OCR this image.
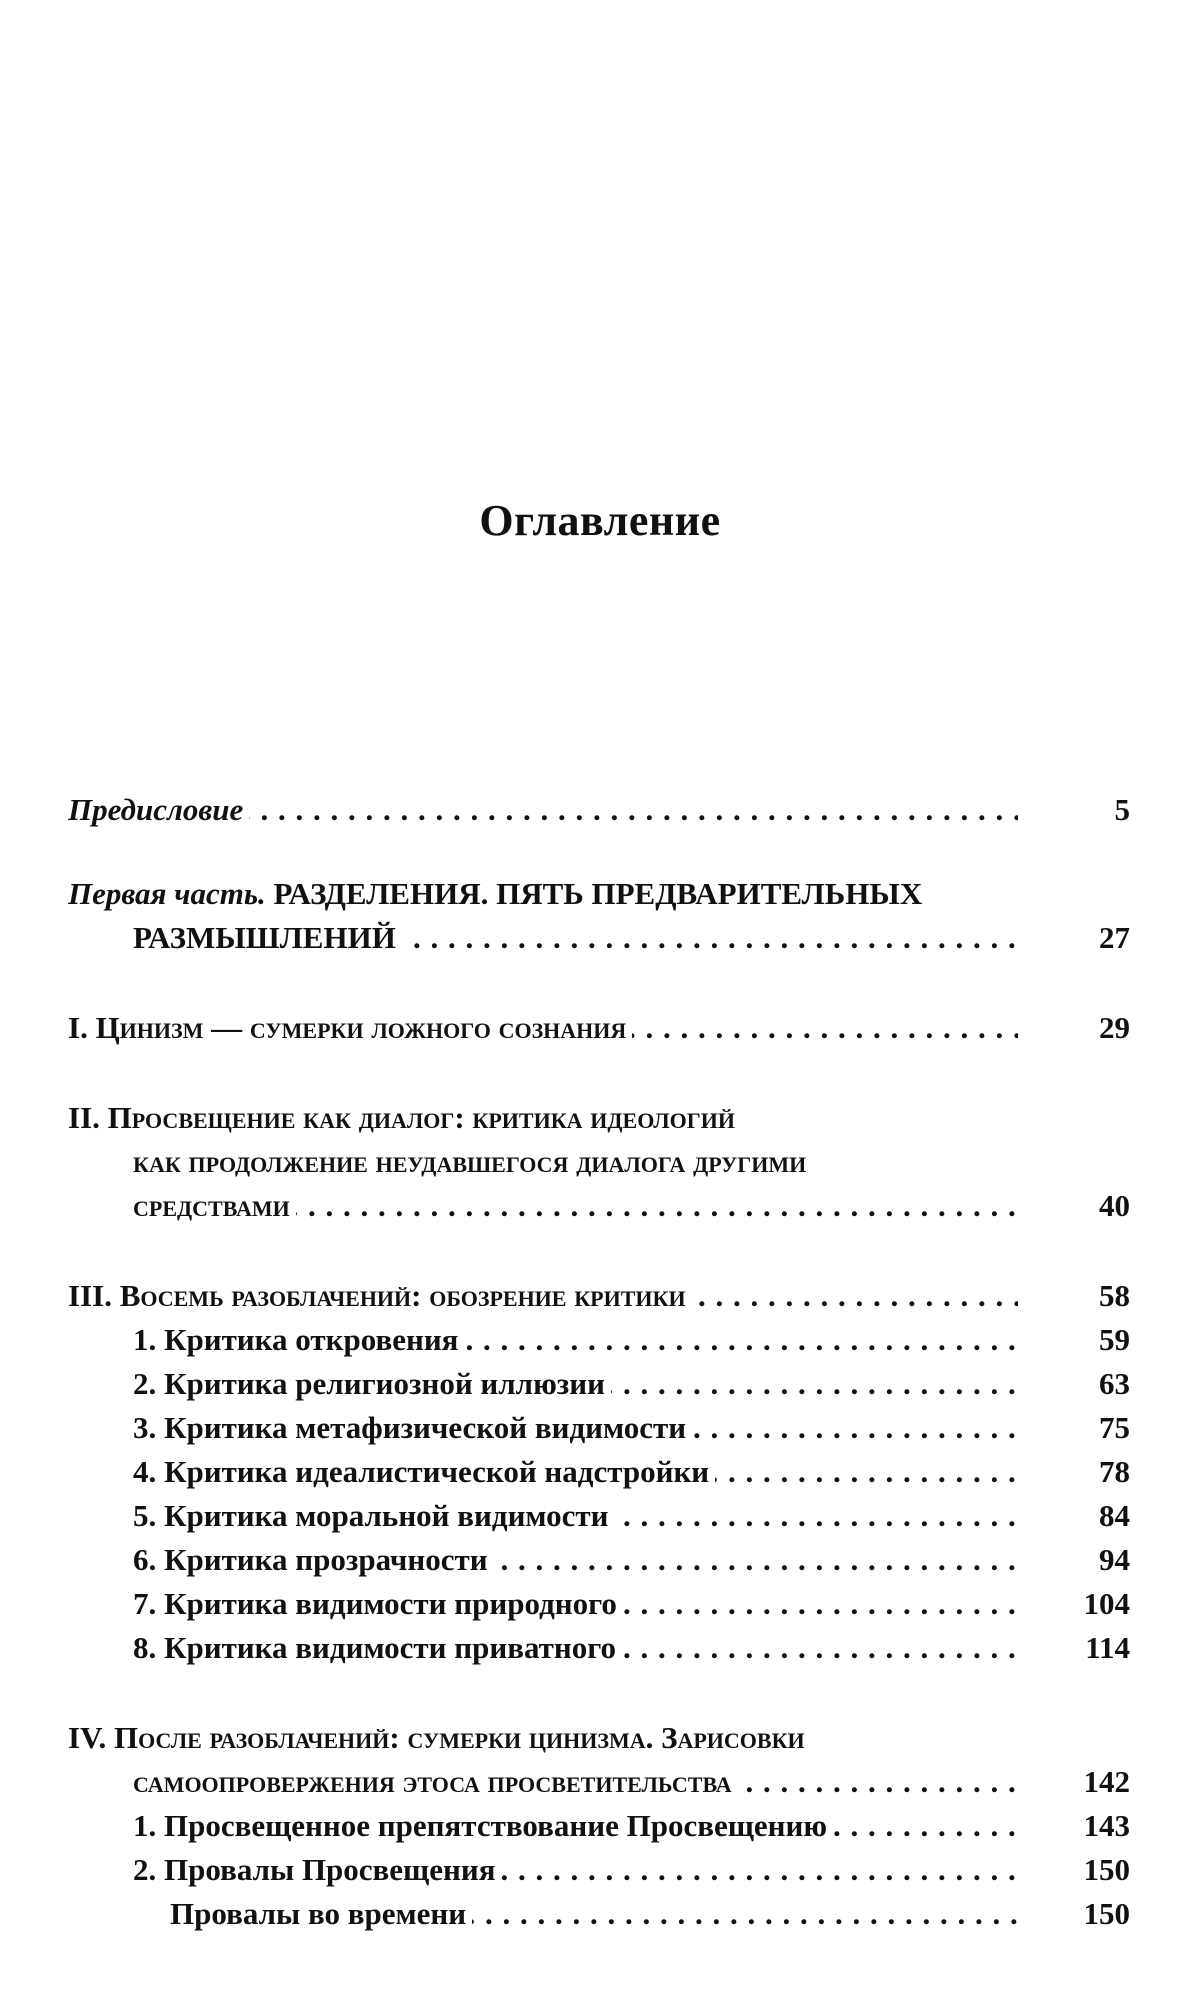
Оглавление
Предисловие . . .	5
Первая часть. РАЗДЕЛЕНИЯ. ПЯТЬ ПРЕДВАРИТЕЛЬНЫХ
РАЗМЫШЛЕНИЙ . . .	27
I. Цинизм — сумерки ложного сознания . . .	29
II. Просвещение как диалог: критика идеологий
как продолжение неудавшегося диалога другими
средствами . . .	40
III. Восемь разоблачений: обозрение критики . . .	58
1. Критика откровения . . .	59
2. Критика религиозной иллюзии . . .	63
3. Критика метафизической видимости . . .	75
4. Критика идеалистической надстройки . . .	78
5. Критика моральной видимости . . .	84
6. Критика прозрачности . . .	94
7. Критика видимости природного . . .	104
8. Критика видимости приватного . . .	114
IV. После разоблачений: сумерки цинизма. Зарисовки
самоопровержения этоса просветительства . . .	142
1. Просвещенное препятствование Просвещению . . .	143
2. Провалы Просвещения . . .	150
Провалы во времени . . .	150
